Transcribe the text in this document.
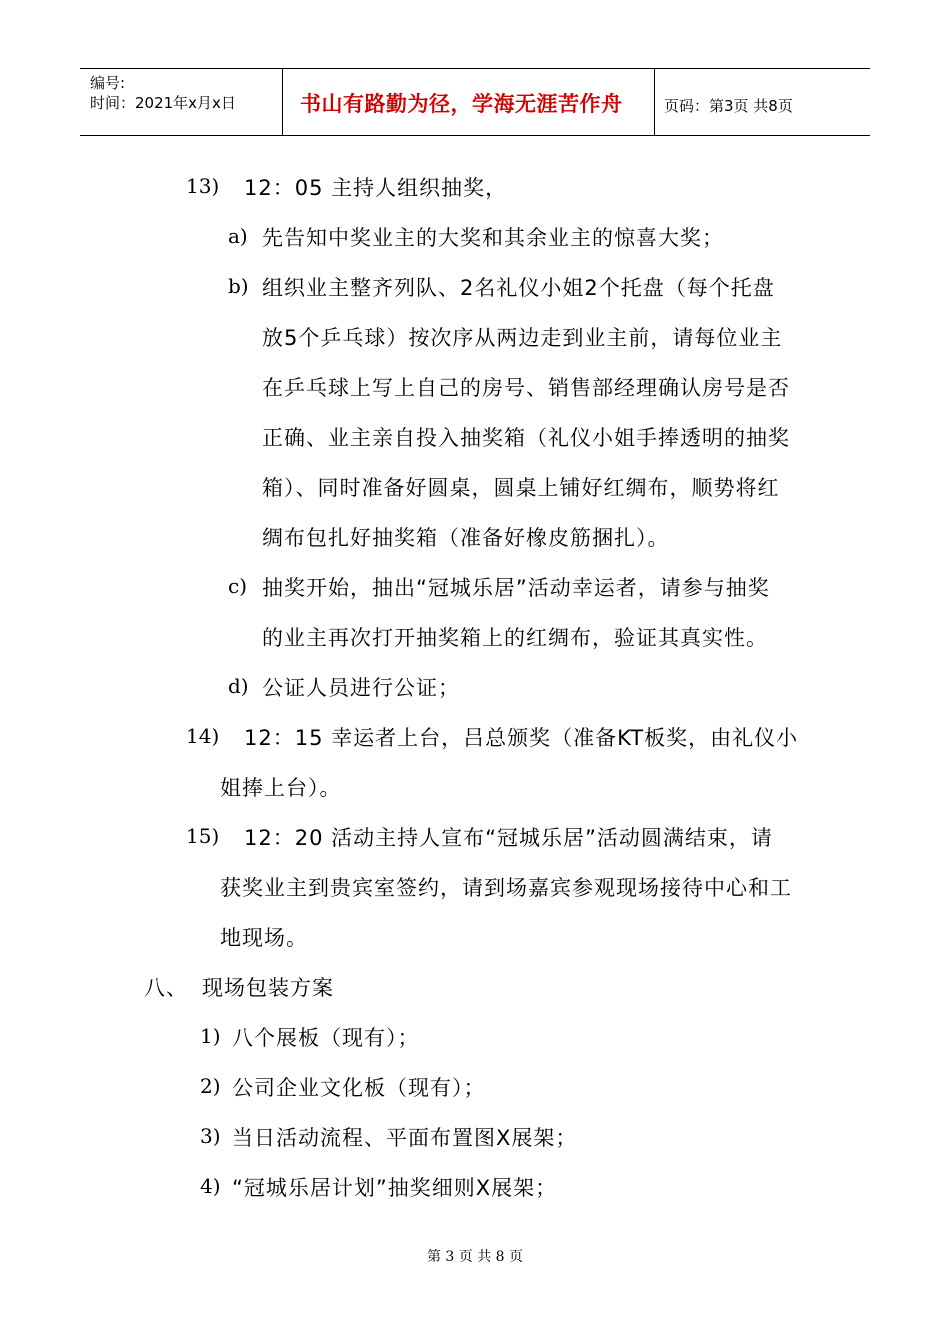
编号:
时间：2021年x月x日	书山有路勤为径，学海无涯苦作舟	页码：第3页 共8页
13) 12：05 主持人组织抽奖，
a) 先告知中奖业主的大奖和其余业主的惊喜大奖；
b) 组织业主整齐列队、2名礼仪小姐2个托盘（每个托盘
放5个乒乓球）按次序从两边走到业主前，请每位业主
在乒乓球上写上自己的房号、销售部经理确认房号是否
正确、业主亲自投入抽奖箱（礼仪小姐手捧透明的抽奖
箱）、同时准备好圆桌，圆桌上铺好红绸布，顺势将红
绸布包扎好抽奖箱（准备好橡皮筋捆扎）。
c) 抽奖开始，抽出“冠城乐居”活动幸运者，请参与抽奖
的业主再次打开抽奖箱上的红绸布，验证其真实性。
d) 公证人员进行公证；
14) 12：15 幸运者上台，吕总颁奖（准备KT板奖，由礼仪小
姐捧上台）。
15) 12：20 活动主持人宣布“冠城乐居”活动圆满结束，请
获奖业主到贵宾室签约，请到场嘉宾参观现场接待中心和工
地现场。
八、 现场包装方案
1) 八个展板（现有）；
2) 公司企业文化板（现有）；
3) 当日活动流程、平面布置图X展架；
4) “冠城乐居计划”抽奖细则X展架；
第 3 页 共 8 页
